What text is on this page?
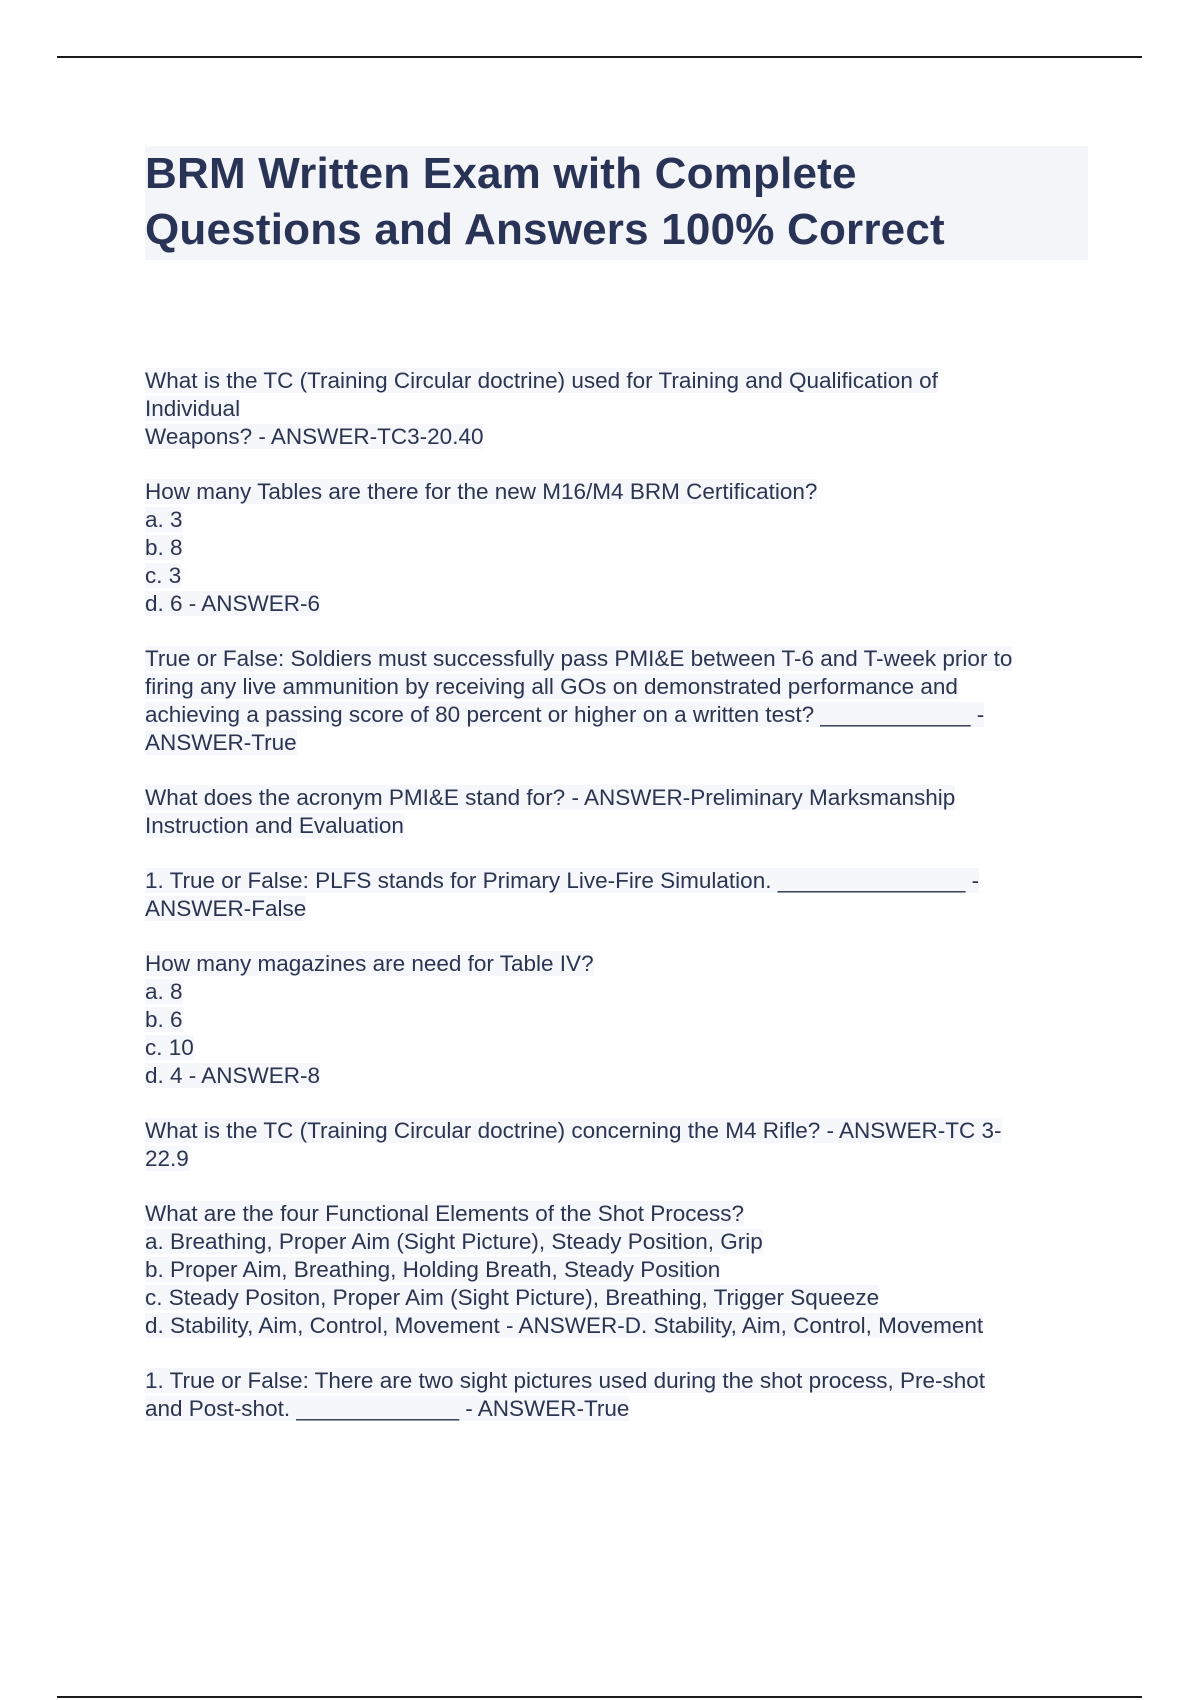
BRM Written Exam with Complete
Questions and Answers 100% Correct
What is the TC (Training Circular doctrine) used for Training and Qualification of
Individual
Weapons? - ANSWER-TC3-20.40
How many Tables are there for the new M16/M4 BRM Certification?
a. 3
b. 8
c. 3
d. 6 - ANSWER-6
True or False: Soldiers must successfully pass PMI&E between T-6 and T-week prior to
firing any live ammunition by receiving all GOs on demonstrated performance and
achieving a passing score of 80 percent or higher on a written test? ____________ -
ANSWER-True
What does the acronym PMI&E stand for? - ANSWER-Preliminary Marksmanship
Instruction and Evaluation
1. True or False: PLFS stands for Primary Live-Fire Simulation. _______________ -
ANSWER-False
How many magazines are need for Table IV?
a. 8
b. 6
c. 10
d. 4 - ANSWER-8
What is the TC (Training Circular doctrine) concerning the M4 Rifle? - ANSWER-TC 3-
22.9
What are the four Functional Elements of the Shot Process?
a. Breathing, Proper Aim (Sight Picture), Steady Position, Grip
b. Proper Aim, Breathing, Holding Breath, Steady Position
c. Steady Positon, Proper Aim (Sight Picture), Breathing, Trigger Squeeze
d. Stability, Aim, Control, Movement - ANSWER-D. Stability, Aim, Control, Movement
1. True or False: There are two sight pictures used during the shot process, Pre-shot
and Post-shot. _____________ - ANSWER-True
